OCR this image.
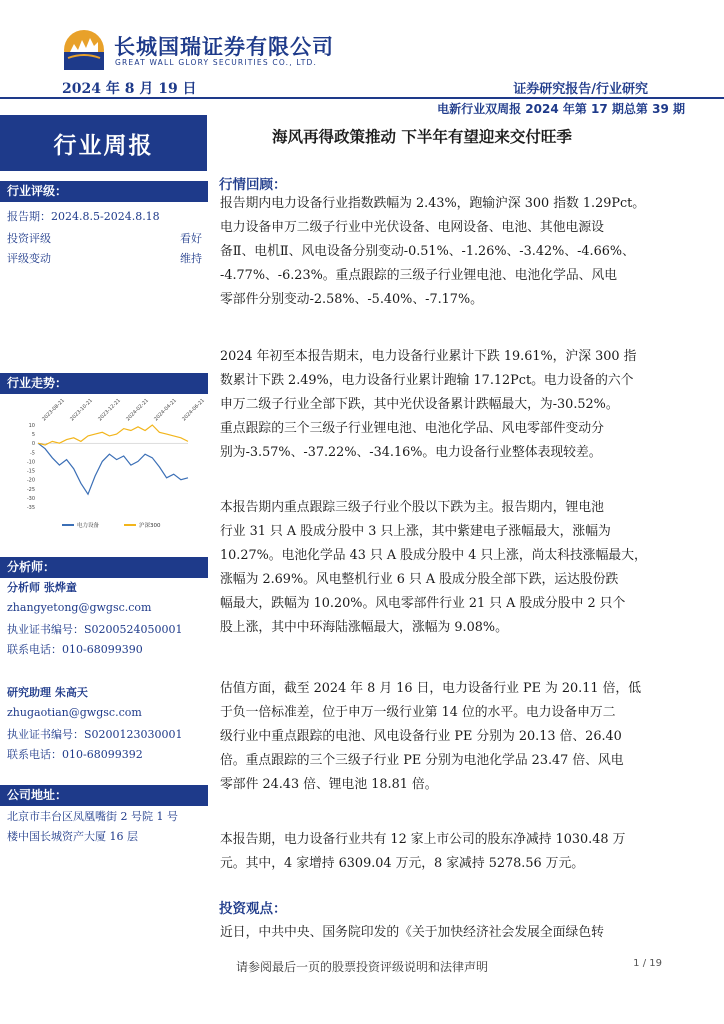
长城国瑞证券有限公司
GREAT WALL GLORY SECURITIES CO., LTD.
2024 年 8 月 19 日	证券研究报告/行业研究
电新行业双周报 2024 年第 17 期总第 39 期
行业周报	海风再得政策推动 下半年有望迎来交付旺季
行业评级：
报告期：2024.8.5-2024.8.18
投资评级	看好
评级变动	维持
行业走势：
10
5
0
-5
-10
-15
-20
-25
-30
-35
2023-08-21 2023-10-21 2023-12-21 2024-02-21 2024-04-21 2024-06-21
电力设备	沪深300
分析师：
分析师 张烨童
zhangyetong@gwgsc.com
执业证书编号：S0200524050001
联系电话：010-68099390
研究助理 朱高天
zhugaotian@gwgsc.com
执业证书编号：S0200123030001
联系电话：010-68099392
公司地址：
北京市丰台区凤凰嘴街 2 号院 1 号
楼中国长城资产大厦 16 层
行情回顾：
报告期内电力设备行业指数跌幅为 2.43%，跑输沪深 300 指数 1.29Pct。
电力设备申万二级子行业中光伏设备、电网设备、电池、其他电源设
备Ⅱ、电机Ⅱ、风电设备分别变动-0.51%、-1.26%、-3.42%、-4.66%、
-4.77%、-6.23%。重点跟踪的三级子行业锂电池、电池化学品、风电
零部件分别变动-2.58%、-5.40%、-7.17%。
2024 年初至本报告期末，电力设备行业累计下跌 19.61%，沪深 300 指
数累计下跌 2.49%，电力设备行业累计跑输 17.12Pct。电力设备的六个
申万二级子行业全部下跌，其中光伏设备累计跌幅最大，为-30.52%。
重点跟踪的三个三级子行业锂电池、电池化学品、风电零部件变动分
别为-3.57%、-37.22%、-34.16%。电力设备行业整体表现较差。
本报告期内重点跟踪三级子行业个股以下跌为主。报告期内，锂电池
行业 31 只 A 股成分股中 3 只上涨，其中紫建电子涨幅最大，涨幅为
10.27%。电池化学品 43 只 A 股成分股中 4 只上涨，尚太科技涨幅最大，
涨幅为 2.69%。风电整机行业 6 只 A 股成分股全部下跌，运达股份跌
幅最大，跌幅为 10.20%。风电零部件行业 21 只 A 股成分股中 2 只个
股上涨，其中中环海陆涨幅最大，涨幅为 9.08%。
估值方面，截至 2024 年 8 月 16 日，电力设备行业 PE 为 20.11 倍，低
于负一倍标准差，位于申万一级行业第 14 位的水平。电力设备申万二
级行业中重点跟踪的电池、风电设备行业 PE 分别为 20.13 倍、26.40
倍。重点跟踪的三个三级子行业 PE 分别为电池化学品 23.47 倍、风电
零部件 24.43 倍、锂电池 18.81 倍。
本报告期，电力设备行业共有 12 家上市公司的股东净减持 1030.48 万
元。其中，4 家增持 6309.04 万元，8 家减持 5278.56 万元。
投资观点：
近日，中共中央、国务院印发的《关于加快经济社会发展全面绿色转
请参阅最后一页的股票投资评级说明和法律声明	1 / 19
